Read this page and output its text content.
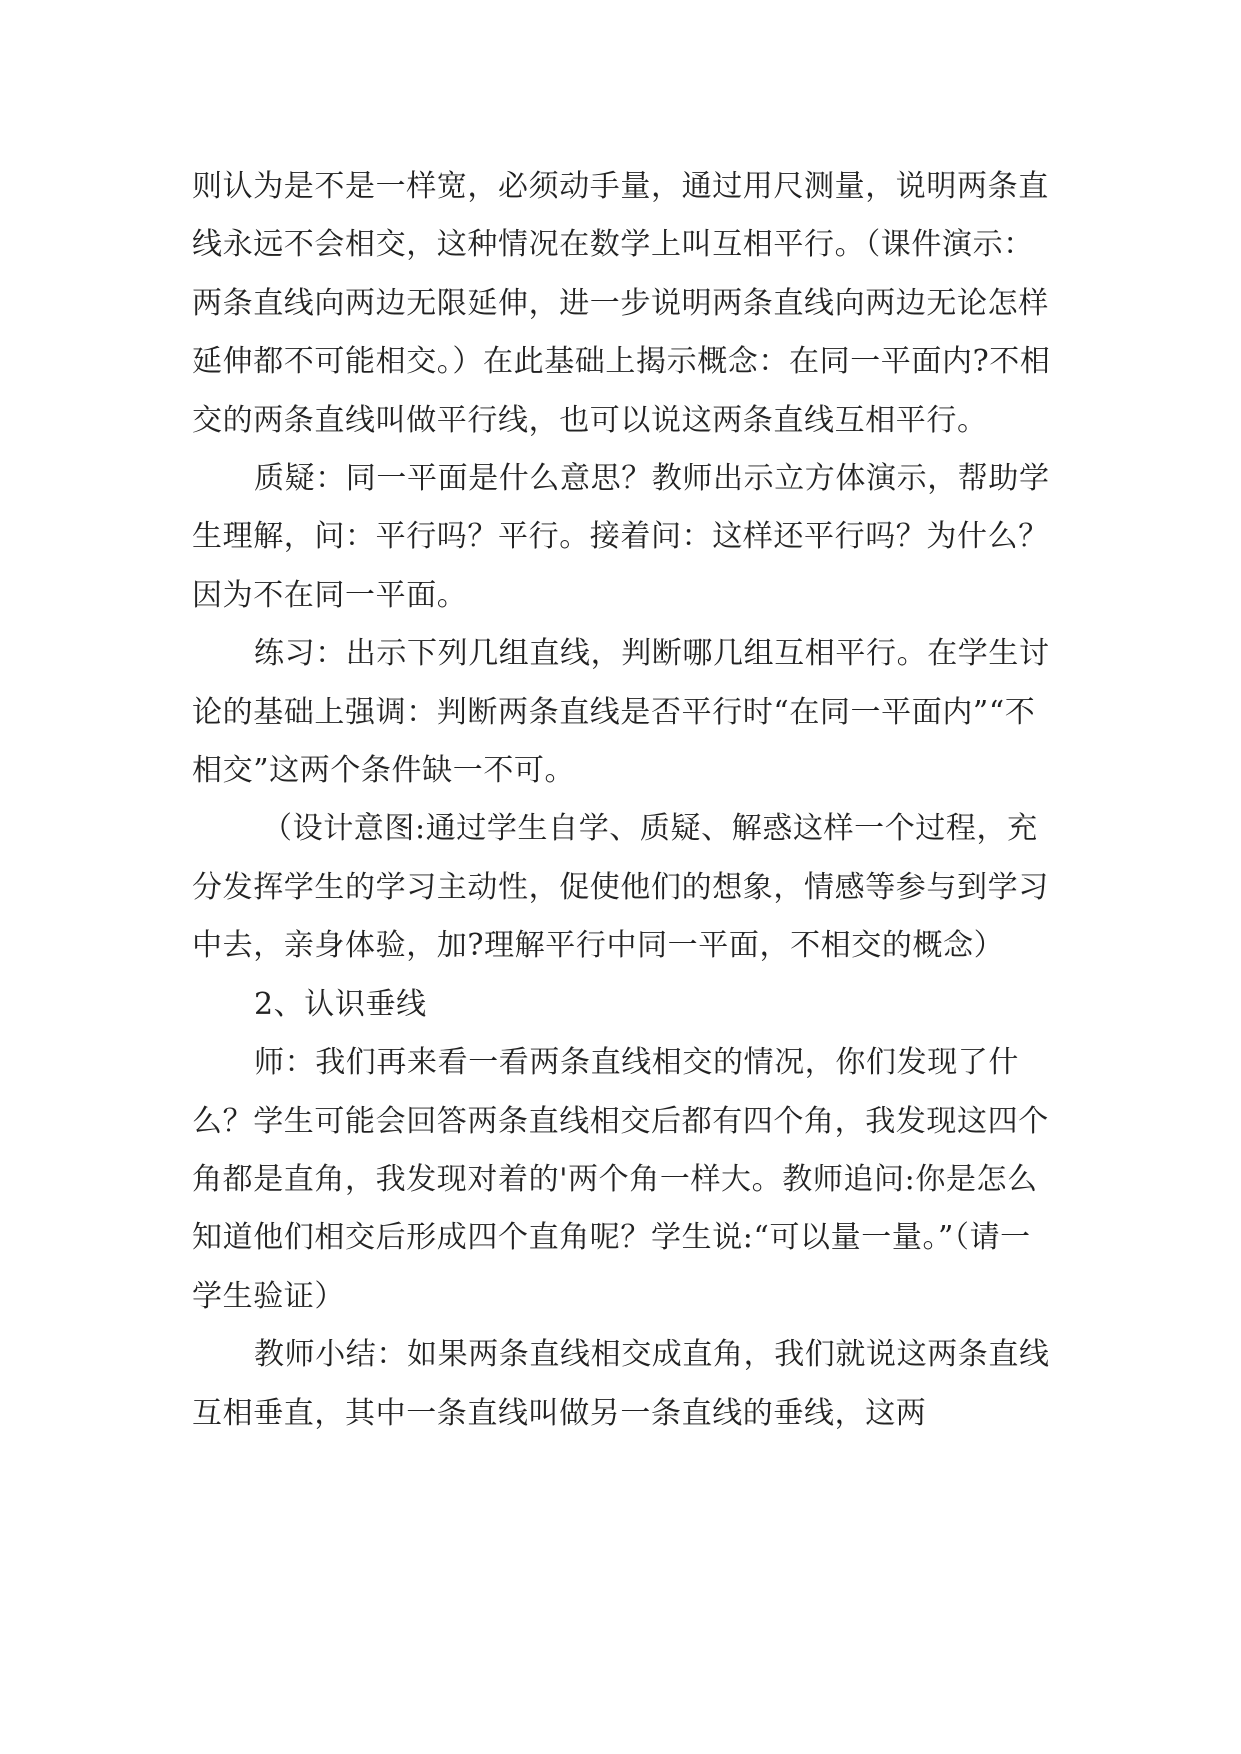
则认为是不是一样宽，必须动手量，通过用尺测量，说明两条直线永远不会相交，这种情况在数学上叫互相平行。（课件演示：两条直线向两边无限延伸，进一步说明两条直线向两边无论怎样延伸都不可能相交。）在此基础上揭示概念：在同一平面内?不相交的两条直线叫做平行线，也可以说这两条直线互相平行。

质疑：同一平面是什么意思？教师出示立方体演示，帮助学生理解，问：平行吗？平行。接着问：这样还平行吗？为什么？因为不在同一平面。

练习：出示下列几组直线，判断哪几组互相平行。在学生讨论的基础上强调：判断两条直线是否平行时“在同一平面内”“不相交”这两个条件缺一不可。

（设计意图:通过学生自学、质疑、解惑这样一个过程，充分发挥学生的学习主动性，促使他们的想象，情感等参与到学习中去，亲身体验，加?理解平行中同一平面，不相交的概念）

2、认识垂线

师：我们再来看一看两条直线相交的情况，你们发现了什么？学生可能会回答两条直线相交后都有四个角，我发现这四个角都是直角，我发现对着的'两个角一样大。教师追问:你是怎么知道他们相交后形成四个直角呢？学生说:“可以量一量。”（请一学生验证）

教师小结：如果两条直线相交成直角，我们就说这两条直线互相垂直，其中一条直线叫做另一条直线的垂线，这两
